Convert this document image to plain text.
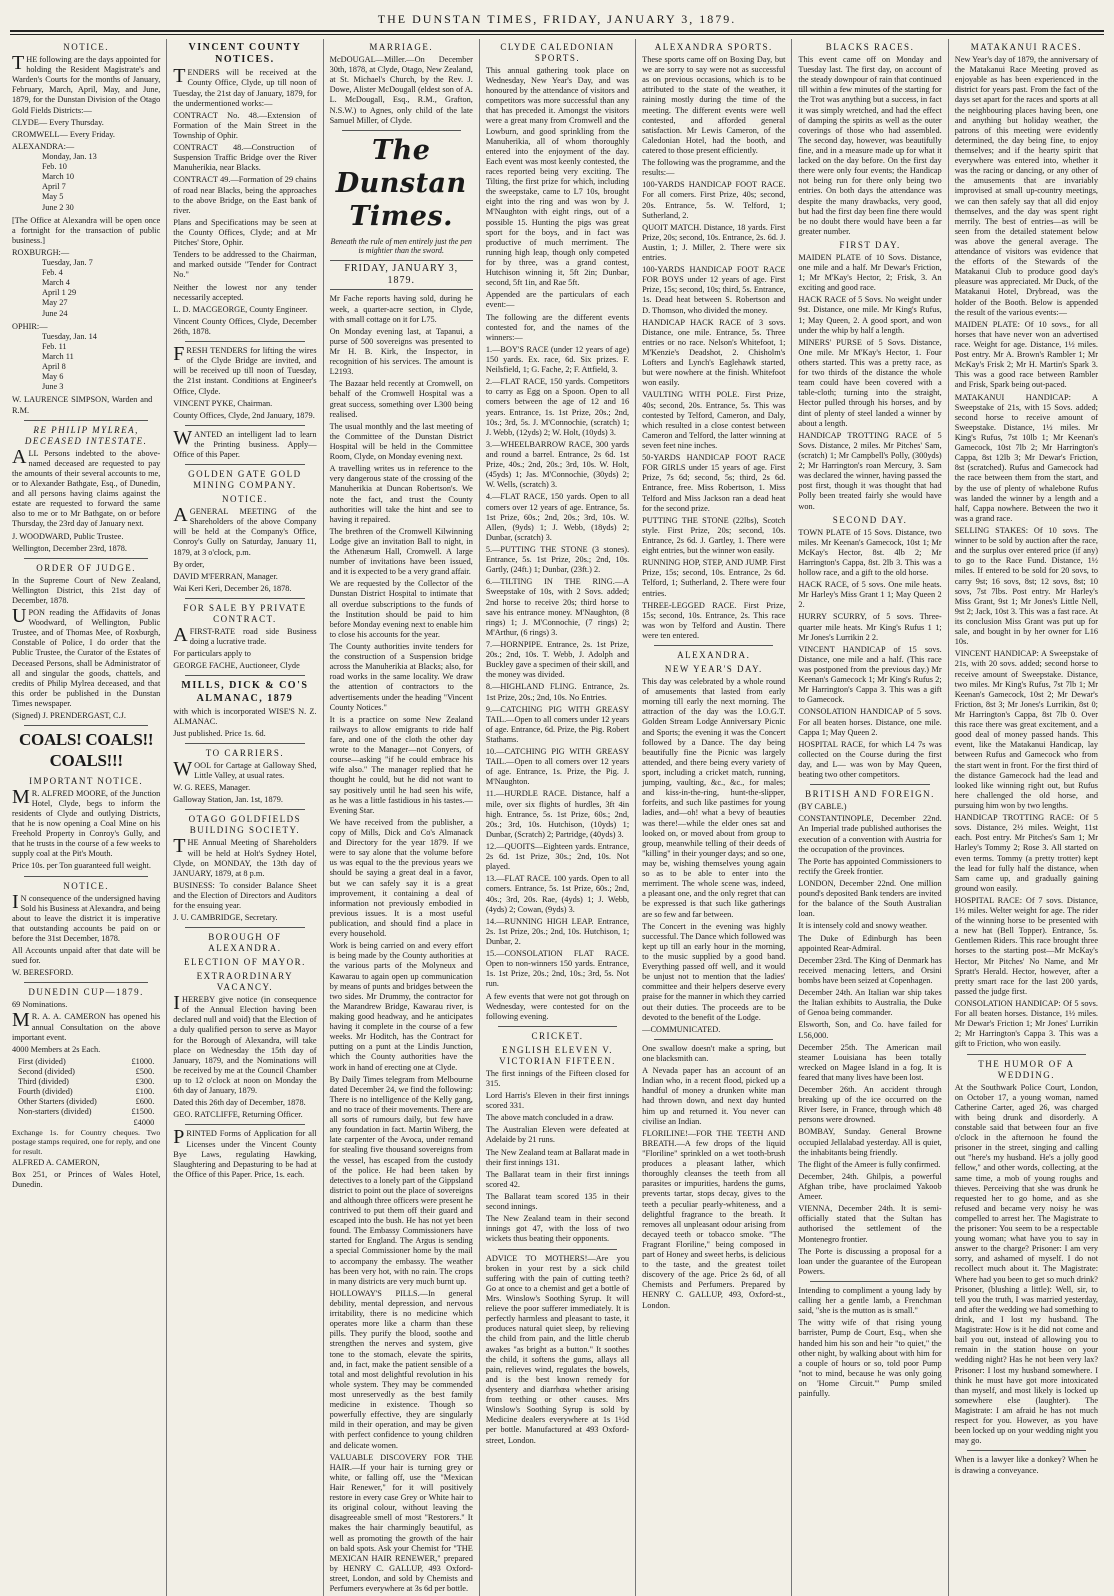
THE DUNSTAN TIMES, FRIDAY, JANUARY 3, 1879.
NOTICE.

THE following are the days appointed for holding the Resident Magistrate's and Warden's Courts for the months of January, February, March, April, May, and June, 1879, for the Dunstan Division of the Otago Gold Fields Districts:—

CLYDE— Every Thursday.

CROMWELL— Every Friday.

ALEXANDRA:—
Monday, Jan. 13
Feb. 10
March 10
April 7
May 5
June 2 30

[The Office at Alexandra will be open once a fortnight for the transaction of public business.]

ROXBURGH:—
Tuesday, Jan. 7
Feb. 4
March 4
April 1 29
May 27
June 24
OPHIR:—
Tuesday, Jan. 14
Feb. 11
March 11
April 8
May 6
June 3

W. LAURENCE SIMPSON, Warden and R.M.

RE PHILIP MYLREA, DECEASED INTESTATE.

ALL Persons indebted to the above-named deceased are requested to pay the amounts of their several accounts to me, or to Alexander Bathgate, Esq., of Dunedin, and all persons having claims against the estate are requested to forward the same also to me or to Mr Bathgate, on or before Thursday, the 23rd day of January next.

J. WOODWARD, Public Trustee.

Wellington, December 23rd, 1878.

ORDER OF JUDGE.

In the Supreme Court of New Zealand, Wellington District, this 21st day of December, 1878.

UPON reading the Affidavits of Jonas Woodward, of Wellington, Public Trustee, and of Thomas Mee, of Roxburgh, Constable of Police, I do order that the Public Trustee, the Curator of the Estates of Deceased Persons, shall be Administrator of all and singular the goods, chattels, and credits of Philip Mylrea deceased, and that this order be published in the Dunstan Times newspaper.

(Signed) J. PRENDERGAST, C.J.

COALS! COALS!! COALS!!!
IMPORTANT NOTICE.

MR. ALFRED MOORE, of the Junction Hotel, Clyde, begs to inform the residents of Clyde and outlying Districts, that he is now opening a Coal Mine on his Freehold Property in Conroy's Gully, and that he trusts in the course of a few weeks to supply coal at the Pit's Mouth.

Price 10s. per Ton guaranteed full weight.

NOTICE.

IN consequence of the undersigned having Sold his Business at Alexandra, and being about to leave the district it is imperative that outstanding accounts be paid on or before the 31st December, 1878.

All Accounts unpaid after that date will be sued for.

W. BERESFORD.

DUNEDIN CUP—1879.

69 Nominations.

MR. A. A. CAMERON has opened his annual Consultation on the above important event.

4000 Members at 2s Each.

First (divided)	£1000.
Second (divided)	£500.
Third (divided)	£300.
Fourth (divided)	£100.
Other Starters (divided)	£600.
Non-starters (divided)	£1500.
£4000

Exchange 1s. for Country cheques. Two postage stamps required, one for reply, and one for result.

ALFRED A. CAMERON,

Box 251, or Princes of Wales Hotel, Dunedin.

VINCENT COUNTY NOTICES.

TENDERS will be received at the County Office, Clyde, up till noon of Tuesday, the 21st day of January, 1879, for the undermentioned works:—

CONTRACT No. 48.—Extension of Formation of the Main Street in the Township of Ophir.

CONTRACT 48.—Construction of Suspension Traffic Bridge over the River Manuherikia, near Blacks.

CONTRACT 49.—Formation of 29 chains of road near Blacks, being the approaches to the above Bridge, on the East bank of river.

Plans and Specifications may be seen at the County Offices, Clyde; and at Mr Pitches' Store, Ophir.

Tenders to be addressed to the Chairman, and marked outside "Tender for Contract No."

Neither the lowest nor any tender necessarily accepted.

L. D. MACGEORGE, County Engineer.

Vincent County Offices, Clyde, December 26th, 1878.

FRESH TENDERS for lifting the wires of the Clyde Bridge are invited, and will be received up till noon of Tuesday, the 21st instant. Conditions at Engineer's Office, Clyde.

VINCENT PYKE, Chairman.

County Offices, Clyde, 2nd January, 1879.

WANTED an intelligent lad to learn the Printing business. Apply—Office of this Paper.

GOLDEN GATE GOLD MINING COMPANY.
NOTICE.

AGENERAL MEETING of the Shareholders of the above Company will be held at the Company's Office, Conroy's Gully on Saturday, January 11, 1879, at 3 o'clock, p.m.

By order,

DAVID M'FERRAN, Manager.

Wai Keri Keri, December 26, 1878.

FOR SALE BY PRIVATE CONTRACT.

AFIRST-RATE road side Business doing a lucrative trade.

For particulars apply to

GEORGE FACHE, Auctioneer, Clyde

MILLS, DICK & CO'S ALMANAC, 1879

with which is incorporated WISE'S N. Z. ALMANAC.

Just published. Price 1s. 6d.

TO CARRIERS.

WOOL for Cartage at Galloway Shed, Little Valley, at usual rates.

W. G. REES, Manager.

Galloway Station, Jan. 1st, 1879.

OTAGO GOLDFIELDS BUILDING SOCIETY.

THE Annual Meeting of Shareholders will be held at Holt's Sydney Hotel, Clyde, on MONDAY, the 13th day of JANUARY, 1879, at 8 p.m.

BUSINESS: To consider Balance Sheet and the Election of Directors and Auditors for the ensuing year.

J. U. CAMBRIDGE, Secretary.

BOROUGH OF ALEXANDRA.
ELECTION OF MAYOR.
EXTRAORDINARY VACANCY.

IHEREBY give notice (in consequence of the Annual Election having been declared null and void) that the Election of a duly qualified person to serve as Mayor for the Borough of Alexandra, will take place on Wednesday the 15th day of January, 1879, and the Nominations will be received by me at the Council Chamber up to 12 o'clock at noon on Monday the 6th day of January, 1879.

Dated this 26th day of December, 1878.

GEO. RATCLIFFE, Returning Officer.

PRINTED Forms of Application for all Licenses under the Vincent County Bye Laws, regulating Hawking, Slaughtering and Depasturing to be had at the Office of this Paper. Price, 1s. each.

MARRIAGE.

McDOUGAL—Miller.—On December 30th, 1878, at Clyde, Otago, New Zealand, at St. Michael's Church, by the Rev. J. Dowe, Alister McDougall (eldest son of A. L. McDougall, Esq., R.M., Grafton, N.S.W.) to Agnes, only child of the late Samuel Miller, of Clyde.

The Dunstan Times.
Beneath the rule of men entirely just the pen is mightier than the sword.
FRIDAY, JANUARY 3, 1879.

Mr Fache reports having sold, during he week, a quarter-acre section, in Clyde, with small cottage on it for L75.

On Monday evening last, at Tapanui, a purse of 500 sovereigns was presented to Mr H. B. Kirk, the Inspector, in recognition of his services. The amount is L2193.

The Bazaar held recently at Cromwell, on behalf of the Cromwell Hospital was a great success, something over L300 being realised.

The usual monthly and the last meeting of the Committee of the Dunstan District Hospital will be held in the Committee Room, Clyde, on Monday evening next.

A travelling writes us in reference to the very dangerous state of the crossing of the Manuherikia at Duncan Robertson's. We note the fact, and trust the County authorities will take the hint and see to having it repaired.

The brethren of the Cromwell Kilwinning Lodge give an invitation Ball to night, in the Athenæum Hall, Cromwell. A large number of invitations have been issued, and it is expected to be a very grand affair.

We are requested by the Collector of the Dunstan District Hospital to intimate that all overdue subscriptions to the funds of the Institution should be paid to him before Monday evening next to enable him to close his accounts for the year.

The County authorities invite tenders for the construction of a Suspension bridge across the Manuherikia at Blacks; also, for road works in the same locality. We draw the attention of contractors to the advertisements under the heading "Vincent County Notices."

It is a practice on some New Zealand railways to allow emigrants to ride half fare, and one of the cloth the other day wrote to the Manager—not Conyers, of course—asking "if he could embrace his wife also." The manager replied that he thought he could, but he did not want to say positively until he had seen his wife, as he was a little fastidious in his tastes.—Evening Star.

We have received from the publisher, a copy of Mills, Dick and Co's Almanack and Directory for the year 1879. If we were to say alone that the volume before us was equal to the the previous years we should be saying a great deal in a favor, but we can safely say it is a great improvement, it containing a deal of information not previously embodied in previous issues. It is a most useful publication, and should find a place in every household.

Work is being carried on and every effort is being made by the County authorities at the various parts of the Molyneux and Kawarau to again open up communication by means of punts and bridges between the two sides. Mr Drummy, the contractor for the Marandrew Bridge, Kawarau river, is making good headway, and he anticipates having it complete in the course of a few weeks. Mr Hoditch, has the Contract for putting on a punt at the Lindis Junction, which the County authorities have the work in hand of erecting one at Clyde.

By Daily Times telegram from Melbourne dated December 24, we find the following: There is no intelligence of the Kelly gang, and no trace of their movements. There are all sorts of rumours daily, but few have any foundation in fact. Martin Wiberg, the late carpenter of the Avoca, under remand for stealing five thousand sovereigns from the vessel, has escaped from the custody of the police. He had been taken by detectives to a lonely part of the Gippsland district to point out the place of sovereigns and although three officers were present he contrived to put them off their guard and escaped into the bush. He has not yet been found. The Embassy Commissioners have started for England. The Argus is sending a special Commissioner home by the mail to accompany the embassy. The weather has been very hot, with no rain. The crops in many districts are very much burnt up.

HOLLOWAY'S PILLS.—In general debility, mental depression, and nervous irritability, there is no medicine which operates more like a charm than these pills. They purify the blood, soothe and strengthen the nerves and system, give tone to the stomach, elevate the spirits, and, in fact, make the patient sensible of a total and most delightful revolution in his whole system. They may be commended most unreservedly as the best family medicine in existence. Though so powerfully effective, they are singularly mild in their operation, and may be given with perfect confidence to young children and delicate women.

VALUABLE DISCOVERY FOR THE HAIR.—If your hair is turning grey or white, or falling off, use the "Mexican Hair Renewer," for it will positively restore in every case Grey or White hair to its original colour, without leaving the disagreeable smell of most "Restorers." It makes the hair charmingly beautiful, as well as promoting the growth of the hair on bald spots. Ask your Chemist for "THE MEXICAN HAIR RENEWER," prepared by HENRY C. GALLUP, 493 Oxford-street, London, and sold by Chemists and Perfumers everywhere at 3s 6d per bottle.

CLYDE CALEDONIAN SPORTS.

This annual gathering took place on Wednesday, New Year's Day, and was honoured by the attendance of visitors and competitors was more successful than any that has preceded it. Amongst the visitors were a great many from Cromwell and the Lowburn, and good sprinkling from the Manuherikia, all of whom thoroughly entered into the enjoyment of the day. Each event was most keenly contested, the races reported being very exciting. The Tilting, the first prize for which, including the sweepstake, came to L7 10s, brought eight into the ring and was won by J. M'Naughton with eight rings, out of a possible 15. Hunting the pigs was great sport for the boys, and in fact was productive of much merriment. The running high leap, though only competed for by three, was a grand contest, Hutchison winning it, 5ft 2in; Dunbar, second, 5ft 1in, and Rae 5ft.

Appended are the particulars of each event:—

The following are the different events contested for, and the names of the winners:—

1.—BOY'S RACE (under 12 years of age) 150 yards. Ex. race, 6d. Six prizes. F. Neilsfield, 1; G. Fache, 2; F. Attfield, 3.

2.—FLAT RACE, 150 yards. Competitors to carry as Egg on a Spoon. Open to all comers between the age of 12 and 16 years. Entrance, 1s. 1st Prize, 20s.; 2nd, 10s.; 3rd, 5s. J. M'Connochie, (scratch) 1; J. Webb, (12yds) 2; W. Holt, (10yds) 3.

3.—WHEELBARROW RACE, 300 yards and round a barrel. Entrance, 2s 6d. 1st Prize, 40s.; 2nd, 20s.; 3rd, 10s. W. Holt, (45yds) 1; Jas. M'Connochie, (30yds) 2; W. Wells, (scratch) 3.

4.—FLAT RACE, 150 yards. Open to all comers over 12 years of age. Entrance, 5s. 1st Prize, 60s.; 2nd, 20s.; 3rd, 10s. W. Allen, (9yds) 1; J. Webb, (18yds) 2; Dunbar, (scratch) 3.

5.—PUTTING THE STONE (3 stones). Entrance, 5s. 1st Prize, 20s.; 2nd, 10s. Gartly, (24ft.) 1; Dunbar, (23ft.) 2.

6.—TILTING IN THE RING.—A Sweepstake of 10s, with 2 Sovs. added; 2nd horse to receive 20s; third horse to save his entrance money. M'Naughton, (8 rings) 1; J. M'Connochie, (7 rings) 2; M'Arthur, (6 rings) 3.

7.—HORNPIPE. Entrance, 2s. 1st Prize, 20s.; 2nd, 10s. T. Webb, J. Adolph and Buckley gave a specimen of their skill, and the money was divided.

8.—HIGHLAND FLING. Entrance, 2s. 1st Prize, 20s.; 2nd, 10s. No Entries.

9.—CATCHING PIG WITH GREASY TAIL.—Open to all comers under 12 years of age. Entrance, 6d. Prize, the Pig. Robert Stathams.

10.—CATCHING PIG WITH GREASY TAIL.—Open to all comers over 12 years of age. Entrance, 1s. Prize, the Pig. J. M'Naughton.

11.—HURDLE RACE. Distance, half a mile, over six flights of hurdles, 3ft 4in high. Entrance, 5s. 1st Prize, 60s.; 2nd, 20s.; 3rd, 10s. Hutchison, (10yds) 1; Dunbar, (Scratch) 2; Partridge, (40yds) 3.

12.—QUOITS—Eighteen yards. Entrance, 2s 6d. 1st Prize, 30s.; 2nd, 10s. Not played.

13.—FLAT RACE. 100 yards. Open to all comers. Entrance, 5s. 1st Prize, 60s.; 2nd, 40s.; 3rd, 20s. Rae, (4yds) 1; J. Webb, (4yds) 2; Cowan, (9yds) 3.

14.—RUNNING HIGH LEAP. Entrance, 2s. 1st Prize, 20s.; 2nd, 10s. Hutchison, 1; Dunbar, 2.

15.—CONSOLATION FLAT RACE. Open to non-winners 150 yards. Entrance, 1s. 1st Prize, 20s.; 2nd, 10s.; 3rd, 5s. Not run.

A few events that were not got through on Wednesday, were contested for on the following evening.

CRICKET.
ENGLISH ELEVEN V. VICTORIAN FIFTEEN.

The first innings of the Fifteen closed for 315.

Lord Harris's Eleven in their first innings scored 331.

The above match concluded in a draw.

The Australian Eleven were defeated at Adelaide by 21 runs.

The New Zealand team at Ballarat made in their first innings 131.

The Ballarat team in their first innings scored 42.

The Ballarat team scored 135 in their second innings.

The New Zealand team in their second innings got 47, with the loss of two wickets thus beating their opponents.

ADVICE TO MOTHERS!—Are you broken in your rest by a sick child suffering with the pain of cutting teeth? Go at once to a chemist and get a bottle of Mrs. Winslow's Soothing Syrup. It will relieve the poor sufferer immediately. It is perfectly harmless and pleasant to taste, it produces natural quiet sleep, by relieving the child from pain, and the little cherub awakes "as bright as a button." It soothes the child, it softens the gums, allays all pain, relieves wind, regulates the bowels, and is the best known remedy for dysentery and diarrhœa whether arising from teething or other causes. Mrs Winslow's Soothing Syrup is sold by Medicine dealers everywhere at 1s 1½d per bottle. Manufactured at 493 Oxford-street, London.

ALEXANDRA SPORTS.

These sports came off on Boxing Day, but we are sorry to say were not as successful as on previous occasions, which is to be attributed to the state of the weather, it raining mostly during the time of the meeting. The different events were well contested, and afforded general satisfaction. Mr Lewis Cameron, of the Caledonian Hotel, had the booth, and catered to those present efficiently.

The following was the programme, and the results:—

100-YARDS HANDICAP FOOT RACE. For all comers. First Prize, 40s; second, 20s. Entrance, 5s. W. Telford, 1; Sutherland, 2.

QUOIT MATCH. Distance, 18 yards. First Prize, 20s; second, 10s. Entrance, 2s. 6d. J. Austin, 1; J. Miller, 2. There were six entries.

100-YARDS HANDICAP FOOT RACE FOR BOYS under 12 years of age. First Prize, 15s; second, 10s; third, 5s. Entrance, 1s. Dead heat between S. Robertson and D. Thomson, who divided the money.

HANDICAP HACK RACE of 3 sovs. Distance, one mile. Entrance, 5s. Three entries or no race. Nelson's Whitefoot, 1; M'Kenzie's Deadshot, 2. Chisholm's Lofters and Lynch's Eaglehawk started, but were nowhere at the finish. Whitefoot won easily.

VAULTING WITH POLE. First Prize, 40s; second, 20s. Entrance, 5s. This was contested by Telford, Cameron, and Daly, which resulted in a close contest between Cameron and Telford, the latter winning at seven feet nine inches.

50-YARDS HANDICAP FOOT RACE FOR GIRLS under 15 years of age. First Prize, 7s 6d; second, 5s; third, 2s 6d. Entrance, free. Miss Robertson, 1. Miss Telford and Miss Jackson ran a dead heat for the second prize.

PUTTING THE STONE (22lbs), Scotch style. First Prize, 20s; second, 10s. Entrance, 2s 6d. J. Gartley, 1. There were eight entries, but the winner won easily.

RUNNING HOP, STEP, AND JUMP. First Prize, 15s; second, 10s. Entrance, 2s 6d. Telford, 1; Sutherland, 2. There were four entries.

THREE-LEGGED RACE. First Prize, 15s; second, 10s. Entrance, 2s. This race was won by Telford and Austin. There were ten entered.

ALEXANDRA.
NEW YEAR'S DAY.

This day was celebrated by a whole round of amusements that lasted from early morning till early the next morning. The attraction of the day was the I.O.G.T. Golden Stream Lodge Anniversary Picnic and Sports; the evening it was the Concert followed by a Dance. The day being beautifully fine the Picnic was largely attended, and there being every variety of sport, including a cricket match, running, jumping, vaulting, &c., &c., for males; and kiss-in-the-ring, hunt-the-slipper, forfeits, and such like pastimes for young ladies, and—oh! what a bevy of beauties was there!—while the elder ones sat and looked on, or moved about from group to group, meanwhile telling of their deeds of "killing" in their younger days; and so one, may be, wishing themselves young again so as to be able to enter into the merriment. The whole scene was, indeed, a pleasant one, and the only regret that can be expressed is that such like gatherings are so few and far between.

The Concert in the evening was highly successful. The Dance which followed was kept up till an early hour in the morning, to the music supplied by a good band. Everything passed off well, and it would be unjust not to mention that the ladies' committee and their helpers deserve every praise for the manner in which they carried out their duties. The proceeds are to be devoted to the benefit of the Lodge.

—COMMUNICATED.

One swallow doesn't make a spring, but one blacksmith can.

A Nevada paper has an account of an Indian who, in a recent flood, picked up a handful of money a drunken white man had thrown down, and next day hunted him up and returned it. You never can civilise an Indian.

FLORILINE!—FOR THE TEETH AND BREATH.—A few drops of the liquid "Floriline" sprinkled on a wet tooth-brush produces a pleasant lather, which thoroughly cleanses the teeth from all parasites or impurities, hardens the gums, prevents tartar, stops decay, gives to the teeth a peculiar pearly-whiteness, and a delightful fragrance to the breath. It removes all unpleasant odour arising from decayed teeth or tobacco smoke. "The Fragrant Floriline," being composed in part of Honey and sweet herbs, is delicious to the taste, and the greatest toilet discovery of the age. Price 2s 6d, of all Chemists and Perfumers. Prepared by HENRY C. GALLUP, 493, Oxford-st., London.

BLACKS RACES.

This event came off on Monday and Tuesday last. The first day, on account of the steady downpour of rain that continued till within a few minutes of the starting for the Trot was anything but a success, in fact it was simply wretched, and had the effect of damping the spirits as well as the outer coverings of those who had assembled. The second day, however, was beautifully fine, and in a measure made up for what it lacked on the day before. On the first day there were only four events; the Handicap not being run for there only being two entries. On both days the attendance was despite the many drawbacks, very good, but had the first day been fine there would be no doubt there would have been a far greater number.

FIRST DAY.

MAIDEN PLATE of 10 Sovs. Distance, one mile and a half. Mr Dewar's Friction, 1; Mr M'Kay's Hector, 2; Frisk, 3. An exciting and good race.

HACK RACE of 5 Sovs. No weight under 9st. Distance, one mile. Mr King's Rufus, 1; May Queen, 2. A good sport, and won under the whip by half a length.

MINERS' PURSE of 5 Sovs. Distance, One mile. Mr M'Kay's Hector, 1. Four others started. This was a pretty race, as for two thirds of the distance the whole team could have been covered with a table-cloth; turning into the straight, Hector pulled through his horses, and by dint of plenty of steel landed a winner by about a length.

HANDICAP TROTTING RACE of 5 Sovs. Distance, 2 miles. Mr Pitches' Sam, (scratch) 1; Mr Campbell's Polly, (300yds) 2; Mr Harrington's roan Mercury, 3. Sam was declared the winner, having passed the post first, though it was thought that had Polly been treated fairly she would have won.

SECOND DAY.

TOWN PLATE of 15 Sovs. Distance, two miles. Mr Keenan's Gamecock, 10st 1; Mr McKay's Hector, 8st. 4lb 2; Mr Harrington's Cappa, 8st. 2lb 3. This was a hollow race, and a gift to the old horse.

HACK RACE, of 5 sovs. One mile heats. Mr Harley's Miss Grant 1 1; May Queen 2 2.

HURRY SCURRY, of 5 sovs. Three-quarter mile heats. Mr King's Rufus 1 1; Mr Jones's Lurrikin 2 2.

VINCENT HANDICAP of 15 sovs. Distance, one mile and a half. (This race was postponed from the previous day.) Mr Keenan's Gamecock 1; Mr King's Rufus 2; Mr Harrington's Cappa 3. This was a gift to Gamecock.

CONSOLATION HANDICAP of 5 sovs. For all beaten horses. Distance, one mile. Cappa 1; May Queen 2.

HOSPITAL RACE, for which L4 7s was collected on the Course during the first day, and L— was won by May Queen, beating two other competitors.

BRITISH AND FOREIGN.

(BY CABLE.)

CONSTANTINOPLE, December 22nd. An Imperial trade published authorises the execution of a convention with Austria for the occupation of the provinces.

The Porte has appointed Commissioners to rectify the Greek frontier.

LONDON, December 22nd. One million pound's deposited Bank tenders are invited for the balance of the South Australian loan.

It is intensely cold and snowy weather.

The Duke of Edinburgh has been appointed Rear-Admiral.

December 23rd. The King of Denmark has received menacing letters, and Orsini bombs have been seized at Copenhagen.

December 24th. An Italian war ship takes the Italian exhibits to Australia, the Duke of Genoa being commander.

Elsworth, Son, and Co. have failed for L56,000.

December 25th. The American mail steamer Louisiana has been totally wrecked on Magee Island in a fog. It is feared that many lives have been lost.

December 26th. An accident through breaking up of the ice occurred on the River Isere, in France, through which 48 persons were drowned.

BOMBAY, Sunday. General Browne occupied Jellalabad yesterday. All is quiet, the inhabitants being friendly.

The flight of the Ameer is fully confirmed.

December, 24th. Ghilpis, a powerful Afghan tribe, have proclaimed Yakoob Ameer.

VIENNA, December 24th. It is semi-officially stated that the Sultan has authorised the settlement of the Montenegro frontier.

The Porte is discussing a proposal for a loan under the guarantee of the European Powers.

Intending to compliment a young lady by calling her a gentle lamb, a Frenchman said, "she is the mutton as is small."

The witty wife of that rising young barrister, Pump de Court, Esq., when she handed him his son and heir "to quiet," the other night, by walking about with him for a couple of hours or so, told poor Pump "not to mind, because he was only going on 'Home Circuit.'" Pump smiled painfully.

MATAKANUI RACES.

New Year's day of 1879, the anniversary of the Matakanui Race Meeting proved as enjoyable as has been experienced in the district for years past. From the fact of the days set apart for the races and sports at all the neighbouring places having been, one and anything but holiday weather, the patrons of this meeting were evidently determined, the day being fine, to enjoy themselves; and if the hearty spirit that everywhere was entered into, whether it was the racing or dancing, or any other of the amusements that are invariably improvised at small up-country meetings, we can then safely say that all did enjoy themselves, and the day was spent right merrily. The best of entries—as will be seen from the detailed statement below was above the general average. The attendance of visitors was evidence that the efforts of the Stewards of the Matakanui Club to produce good day's pleasure was appreciated. Mr Duck, of the Matakanui Hotel, Drybread, was the holder of the Booth. Below is appended the result of the various events:—

MAIDEN PLATE: Of 10 sovs., for all horses that have never won an advertised race. Weight for age. Distance, 1½ miles. Post entry. Mr A. Brown's Rambler 1; Mr McKay's Frisk 2; Mr H. Martin's Spark 3. This was a good race between Rambler and Frisk, Spark being out-paced.

MATAKANUI HANDICAP: A Sweepstake of 21s, with 15 Sovs. added; second horse to receive amount of Sweepstake. Distance, 1½ miles. Mr King's Rufus, 7st 10lb 1; Mr Keenan's Gamecock, 10st 7lb 2; Mr Harrington's Cappa, 8st 12lb 3; Mr Dewar's Friction, 8st (scratched). Rufus and Gamecock had the race between them from the start, and by the use of plenty of whalebone Rufus was landed the winner by a length and a half, Cappa nowhere. Between the two it was a grand race.

SELLING STAKES: Of 10 sovs. The winner to be sold by auction after the race, and the surplus over entered price (if any) to go to the Race Fund. Distance, 1½ miles. If entered to be sold for 20 sovs, to carry 9st; 16 sovs, 8st; 12 sovs, 8st; 10 sovs, 7st 7lbs. Post entry. Mr Harley's Miss Grant, 9st 1; Mr Jones's Little Nell, 9st 2; Jack, 10st 3. This was a fast race. At its conclusion Miss Grant was put up for sale, and bought in by her owner for L16 10s.

VINCENT HANDICAP: A Sweepstake of 21s, with 20 sovs. added; second horse to receive amount of Sweepstake. Distance, two miles. Mr King's Rufus, 7st 7lb 1; Mr Keenan's Gamecock, 10st 2; Mr Dewar's Friction, 8st 3; Mr Jones's Lurrikin, 8st 0; Mr Harrington's Cappa, 8st 7lb 0. Over this race there was great excitement, and a good deal of money passed hands. This event, like the Matakanui Handicap, lay between Rufus and Gamecock who from the start went in front. For the first third of the distance Gamecock had the lead and looked like winning right out, but Rufus here challenged the old horse, and pursuing him won by two lengths.

HANDICAP TROTTING RACE: Of 5 sovs. Distance, 2½ miles. Weight, 11st each. Post entry. Mr Pitches's Sam 1; Mr Harley's Tommy 2; Rose 3. All started on even terms. Tommy (a pretty trotter) kept the lead for fully half the distance, when Sam came up, and gradually gaining ground won easily.

HOSPITAL RACE: Of 7 sovs. Distance, 1½ miles. Welter weight for age. The rider of the winning horse to be presented with a new hat (Bell Topper). Entrance, 5s. Gentlemen Riders. This race brought three horses to the starting post—Mr McKay's Hector, Mr Pitches' No Name, and Mr Spratt's Herald. Hector, however, after a pretty smart race for the last 200 yards, passed the judge first.

CONSOLATION HANDICAP: Of 5 sovs. For all beaten horses. Distance, 1½ miles. Mr Dewar's Friction 1; Mr Jones' Lurrikin 2; Mr Harrington's Cappa 3. This was a gift to Friction, who won easily.

THE HUMOR OF A WEDDING.

At the Southwark Police Court, London, on October 17, a young woman, named Catherine Carter, aged 26, was charged with being drunk and disorderly. A constable said that between four an five o'clock in the afternoon he found the prisoner in the street, singing and calling out "here's my husband. He's a jolly good fellow," and other words, collecting, at the same time, a mob of young roughs and thieves. Perceiving that she was drunk he requested her to go home, and as she refused and became very noisy he was compelled to arrest her. The Magistrate to the prisoner: You seem to be a respectable young woman; what have you to say in answer to the charge? Prisoner: I am very sorry, and ashamed of myself. I do not recollect much about it. The Magistrate: Where had you been to get so much drink? Prisoner, (blushing a little): Well, sir, to tell you the truth, I was married yesterday, and after the wedding we had something to drink, and I lost my husband. The Magistrate: How is it he did not come and bail you out, instead of allowing you to remain in the station house on your wedding night? Has he not been very lax? Prisoner: I lost my husband somewhere. I think he must have got more intoxicated than myself, and most likely is locked up somewhere else (laughter). The Magistrate: I am afraid he has not much respect for you. However, as you have been locked up on your wedding night you may go.

When is a lawyer like a donkey? When he is drawing a conveyance.
